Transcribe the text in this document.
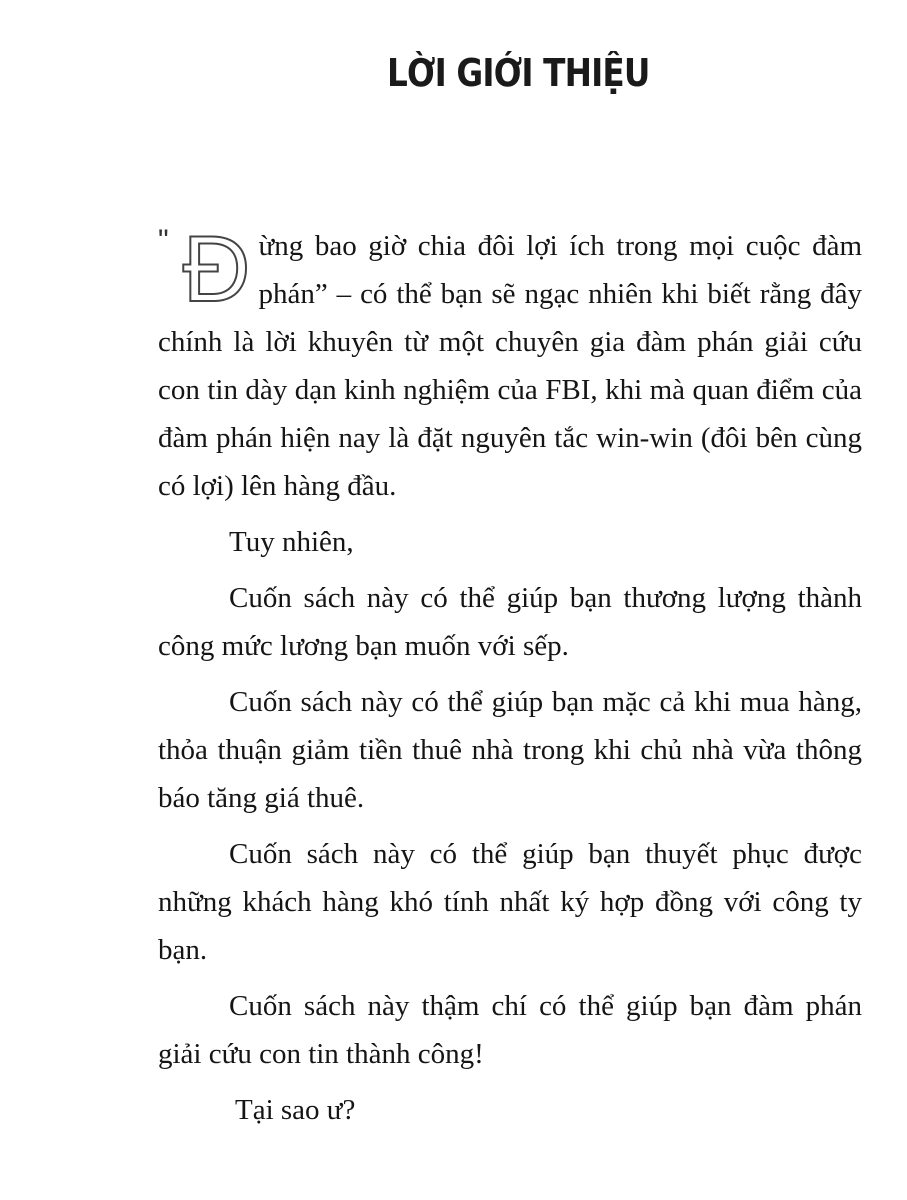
LỜI GIỚI THIỆU

" Đ ừng bao giờ chia đôi lợi ích trong mọi cuộc đàm phán” – có thể bạn sẽ ngạc nhiên khi biết rằng đây chính là lời khuyên từ một chuyên gia đàm phán giải cứu con tin dày dạn kinh nghiệm của FBI, khi mà quan điểm của đàm phán hiện nay là đặt nguyên tắc win-win (đôi bên cùng có lợi) lên hàng đầu.

Tuy nhiên,

Cuốn sách này có thể giúp bạn thương lượng thành công mức lương bạn muốn với sếp.

Cuốn sách này có thể giúp bạn mặc cả khi mua hàng, thỏa thuận giảm tiền thuê nhà trong khi chủ nhà vừa thông báo tăng giá thuê.

Cuốn sách này có thể giúp bạn thuyết phục được những khách hàng khó tính nhất ký hợp đồng với công ty bạn.

Cuốn sách này thậm chí có thể giúp bạn đàm phán giải cứu con tin thành công!

Tại sao ư?
